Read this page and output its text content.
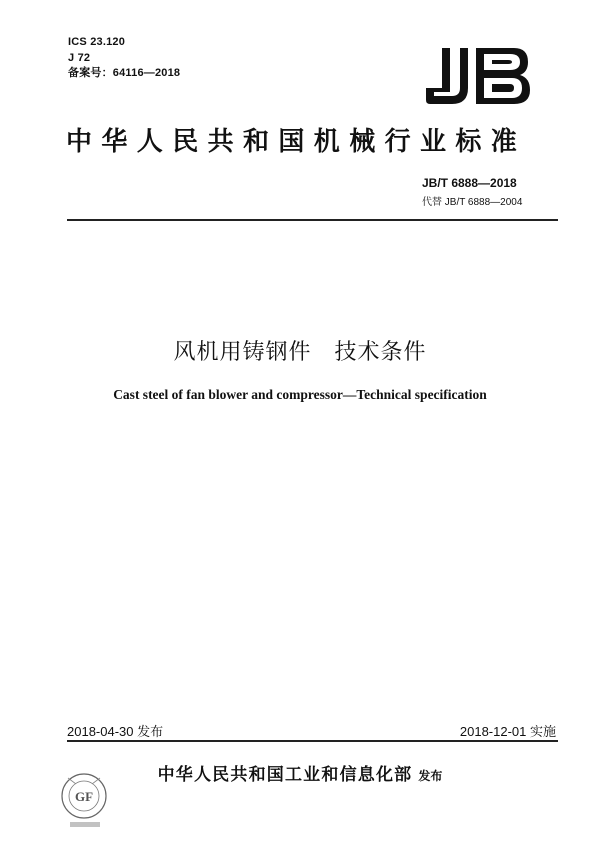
ICS 23.120
J 72
备案号：64116—2018
中华人民共和国机械行业标准
JB/T 6888—2018
代替 JB/T 6888—2004
风机用铸钢件　技术条件
Cast steel of fan blower and compressor—Technical specification
2018-04-30 发布	2018-12-01 实施
GF
中华人民共和国工业和信息化部 发布
